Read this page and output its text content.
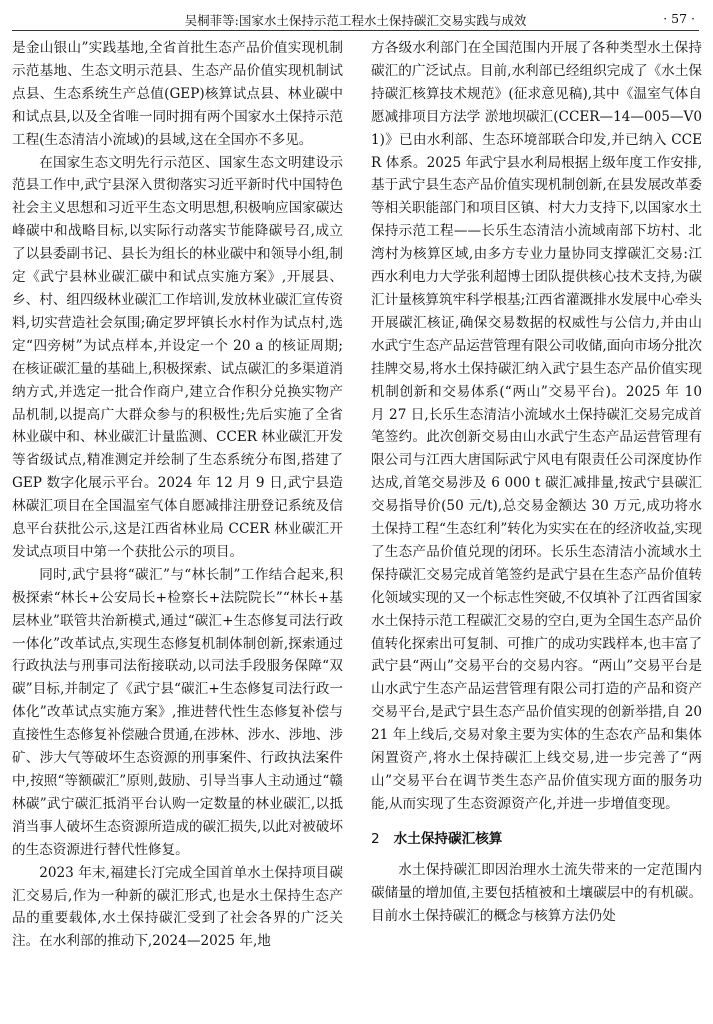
吴桐菲等:国家水土保持示范工程水土保持碳汇交易实践与成效	· 57 ·

是金山银山”实践基地,全省首批生态产品价值实现机制示范基地、生态文明示范县、生态产品价值实现机制试点县、生态系统生产总值(GEP)核算试点县、林业碳中和试点县,以及全省唯一同时拥有两个国家水土保持示范工程(生态清洁小流域)的县域,这在全国亦不多见。

在国家生态文明先行示范区、国家生态文明建设示范县工作中,武宁县深入贯彻落实习近平新时代中国特色社会主义思想和习近平生态文明思想,积极响应国家碳达峰碳中和战略目标,以实际行动落实节能降碳号召,成立了以县委副书记、县长为组长的林业碳中和领导小组,制定《武宁县林业碳汇碳中和试点实施方案》,开展县、乡、村、组四级林业碳汇工作培训,发放林业碳汇宣传资料,切实营造社会氛围;确定罗坪镇长水村作为试点村,选定“四旁树”为试点样本,并设定一个 20 a 的核证周期;在核证碳汇量的基础上,积极探索、试点碳汇的多渠道消纳方式,并选定一批合作商户,建立合作积分兑换实物产品机制,以提高广大群众参与的积极性;先后实施了全省林业碳中和、林业碳汇计量监测、CCER 林业碳汇开发等省级试点,精准测定并绘制了生态系统分布图,搭建了 GEP 数字化展示平台。2024 年 12 月 9 日,武宁县造林碳汇项目在全国温室气体自愿减排注册登记系统及信息平台获批公示,这是江西省林业局 CCER 林业碳汇开发试点项目中第一个获批公示的项目。

同时,武宁县将“碳汇”与“林长制”工作结合起来,积极探索“林长+公安局长+检察长+法院院长”“林长+基层林业”联管共治新模式,通过“碳汇+生态修复司法行政一体化”改革试点,实现生态修复机制体制创新,探索通过行政执法与刑事司法衔接联动,以司法手段服务保障“双碳”目标,并制定了《武宁县“碳汇+生态修复司法行政一体化”改革试点实施方案》,推进替代性生态修复补偿与直接性生态修复补偿融合贯通,在涉林、涉水、涉地、涉矿、涉大气等破坏生态资源的刑事案件、行政执法案件中,按照“等额碳汇”原则,鼓励、引导当事人主动通过“赣林碳”武宁碳汇抵消平台认购一定数量的林业碳汇,以抵消当事人破坏生态资源所造成的碳汇损失,以此对被破坏的生态资源进行替代性修复。

2023 年末,福建长汀完成全国首单水土保持项目碳汇交易后,作为一种新的碳汇形式,也是水土保持生态产品的重要载体,水土保持碳汇受到了社会各界的广泛关注。在水利部的推动下,2024—2025 年,地

方各级水利部门在全国范围内开展了各种类型水土保持碳汇的广泛试点。目前,水利部已经组织完成了《水土保持碳汇核算技术规范》(征求意见稿),其中《温室气体自愿减排项目方法学 淤地坝碳汇(CCER—14—005—V01)》已由水利部、生态环境部联合印发,并已纳入 CCER 体系。2025 年武宁县水利局根据上级年度工作安排,基于武宁县生态产品价值实现机制创新,在县发展改革委等相关职能部门和项目区镇、村大力支持下,以国家水土保持示范工程——长乐生态清洁小流域南部下坊村、北湾村为核算区域,由多方专业力量协同支撑碳汇交易:江西水利电力大学张利超博士团队提供核心技术支持,为碳汇计量核算筑牢科学根基;江西省灌溉排水发展中心牵头开展碳汇核证,确保交易数据的权威性与公信力,并由山水武宁生态产品运营管理有限公司收储,面向市场分批次挂牌交易,将水土保持碳汇纳入武宁县生态产品价值实现机制创新和交易体系(“两山”交易平台)。2025 年 10 月 27 日,长乐生态清洁小流域水土保持碳汇交易完成首笔签约。此次创新交易由山水武宁生态产品运营管理有限公司与江西大唐国际武宁风电有限责任公司深度协作达成,首笔交易涉及 6 000 t 碳汇减排量,按武宁县碳汇交易指导价(50 元/t),总交易金额达 30 万元,成功将水土保持工程“生态红利”转化为实实在在的经济收益,实现了生态产品价值兑现的闭环。长乐生态清洁小流域水土保持碳汇交易完成首笔签约是武宁县在生态产品价值转化领域实现的又一个标志性突破,不仅填补了江西省国家水土保持示范工程碳汇交易的空白,更为全国生态产品价值转化探索出可复制、可推广的成功实践样本,也丰富了武宁县“两山”交易平台的交易内容。“两山”交易平台是山水武宁生态产品运营管理有限公司打造的产品和资产交易平台,是武宁县生态产品价值实现的创新举措,自 2021 年上线后,交易对象主要为实体的生态农产品和集体闲置资产,将水土保持碳汇上线交易,进一步完善了“两山”交易平台在调节类生态产品价值实现方面的服务功能,从而实现了生态资源资产化,并进一步增值变现。

2 水土保持碳汇核算

水土保持碳汇即因治理水土流失带来的一定范围内碳储量的增加值,主要包括植被和土壤碳层中的有机碳。目前水土保持碳汇的概念与核算方法仍处
